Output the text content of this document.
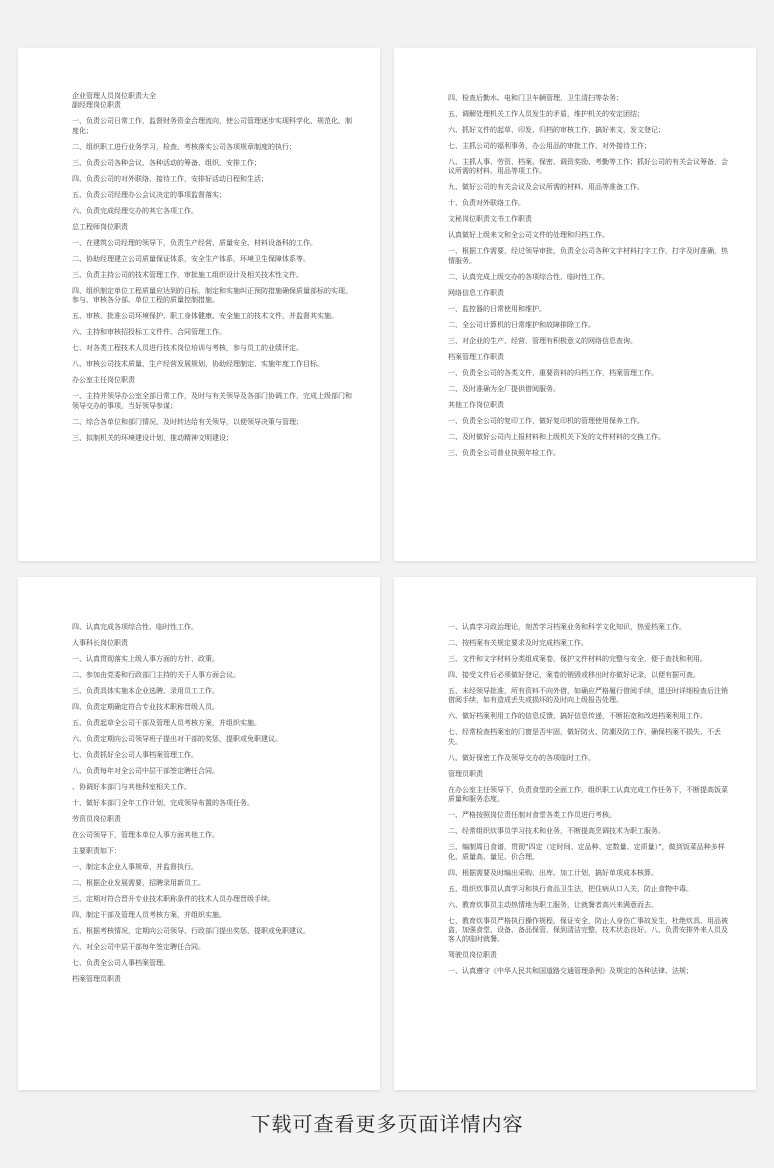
企业管理人员岗位职责大全
副经理岗位职责
一、负责公司日常工作，监督财务资金合理流向，使公司管理逐步实现科学化、规范化、制度化；
二、组织职工进行业务学习，检查、考核落实公司各项规章制度的执行；
三、负责公司各种会议、各种活动的筹备、组织、安排工作；
四、负责公司的对外联络、接待工作，安排好活动日程和生活；
五、负责公司经理办公会议决定的事项监督落实；
六、负责完成经理交办的其它各项工作。
总工程师岗位职责
一、在建筑公司经理的领导下，负责生产经营、质量安全、材料设备科的工作。
二、协助经理建立公司质量保证体系，安全生产体系，环境卫生保障体系等。
三、负责主持公司的技术管理工作，审批施工组织设计及相关技术性文件。
四、组织制定单位工程质量应达到的目标，制定和实施纠正预防措施确保质量部标的实现。参与、审核各分部、单位工程的质量控制措施。
五、审核、批准公司环境保护、职工身体健康、安全施工的技术文件，并监督其实施。
六、主持和审核招投标工文件件、合同管理工作。
七、对各类工程技术人员进行技术岗位培训与考核，参与员工的业绩评定。
八、审核公司技术质量、生产经营发展规划，协助经理制定、实施年度工作目标。
办公室主任岗位职责
一、主持并领导办公室全部日常工作，及时与有关领导及各部门协调工作，完成上级部门和领导交办的事项，当好领导参谋；
二、综合各单位和部门情况，及时转达给有关领导，以便领导决策与管理；
三、拟制机关的环境建设计划，推动精神文明建设；
四、检查后勤水、电和门卫车辆管理，卫生清扫等杂务；
五、调解处理机关工作人员发生的矛盾，维护机关的安定团结；
六、抓好文件的起草、印发、归档的审核工作，搞好来文，发文登记；
七、主抓公司的福利事务，办公用品的审批工作，对外接待工作；
八、主抓人事、劳资、档案、保密、调资奖励、考勤等工作；抓好公司的有关会议筹备，会议所需的材料、用品等项工作。
九、做好公司的有关会议及会议所需的材料、用品等准备工作。
十、负责对外联络工作。
文秘岗位职责文书工作职责
认真做好上级来文和全公司文件的处理和归档工作。
一、根据工作需要，经过领导审批，负责全公司各种文字材料打字工作，打字及时准确，热情服务。
二、认真完成上级交办的各项综合性、临时性工作。
网络信息工作职责
一、监控器的日常使用和维护。
二、全公司计算机的日常维护和故障排除工作。
三、对企业的生产、经营、管理有积极意义的网络信息查询。
档案管理工作职责
一、负责全公司的各类文件，重要资料的归档工作，档案管理工作。
二、及时准确为全厂提供借阅服务。
其他工作岗位职责
一、负责全公司的复印工作，做好复印机的管理使用保养工作。
二、及时做好公司内上报材料和上级机关下发的文件材料的交换工作。
三、负责全公司普业执照年检工作。
四、认真完成各项综合性、临时性工作。
人事科长岗位职责
一、认真贯彻落实上级人事方面的方针、政策。
二、参加由党委和行政部门主持的关于人事方面会议。
三、负责具体实施本企业选聘、录用员工工作。
四、负责定期确定符合专业技术职称晋级人员。
五、负责起草全公司干部及管理人员考核方案，并组织实施。
六、负责定期向公司领导班子提出对干部的奖惩，提职或免职建议。
七、负责抓好全公司人事档案管理工作。
八、负责每年对全公司中层干部签定聘任合同。
、协调好本部门与其他科室相关工作。
十、做好本部门全年工作计划，完成领导布置的各项任务。
劳资员岗位职责
在公司领导下，管理本单位人事方面其他工作。
主要职责如下：
一、制定本企业人事规章，并监督执行。
二、根据企业发展需要，招聘录用新员工。
三、定期对符合晋升专业技术职称条件的技术人员办理晋级手续。
四、制定干部及管理人员考核方案，并组织实施。
五、根据考核情况，定期向公司领导、行政部门提出奖惩，提职或免职建议。
六、对全公司中层干部每年签定聘任合同。
七、负责全公司人事档案管理。
档案管理员职责
一、认真学习政治理论，刻苦学习档案业务和科学文化知识，热爱档案工作。
二、按档案有关规定要求及时完成档案工作。
三、文件和文字材料分类组成案卷，保护文件材料的完整与安全，便于查找和利用。
四、接受文件后必须做好登记，案卷的销毁或移出时亦做好记录，以便有据可查。
五、未经领导批准，所有资料不向外借，如确应严格履行借阅手续，退还时详细检查后注销借阅手续，如有造成丢失或损坏的及时向上级报告处理。
六、做好档案利用工作的信息反馈，搞好信息传递，不断拓宽和改进档案利用工作。
七、经常检查档案室的门窗是否牢固，做好防火、防潮及防工作，确保档案不损失、不丢失。
八、做好保密工作及领导交办的各项临时工作。
管理员职责
在办公室主任领导下，负责食堂的全面工作，组织职工认真完成工作任务下，不断提高饭菜质量和服务态度。
一、严格按照岗位责任制对食堂各类工作员进行考核。
二、经常组织炊事员学习技术和业务，不断提高烹调技术为职工服务。
三、编制周日食谱，贯彻“四定（定时间、定品种、定数量、定质量）”，做到饭菜品种多样化、质量高、量足、价合理。
四、根据需要及时编出采购、出库、加工计划，搞好单项成本核算。
五、组织炊事员认真学习和执行食品卫生法，把住病从口入关，防止食物中毒。
六、教育炊事员主动热情地为职工服务，让就餐者高兴来满意而去。
七、教育炊事员严格执行操作规程，保证安全，防止人身伤亡事故发生，杜绝炊具、用品被盗，加强食堂、设备、备品保管，保到清洁完整，技术状态良好。八、负责安排外来人员及客人的临时就餐。
驾驶员岗位职责
一、认真遵守《中华人民共和国道路交通管理条例》及规定的各种法律、法规；
下载可查看更多页面详情内容
